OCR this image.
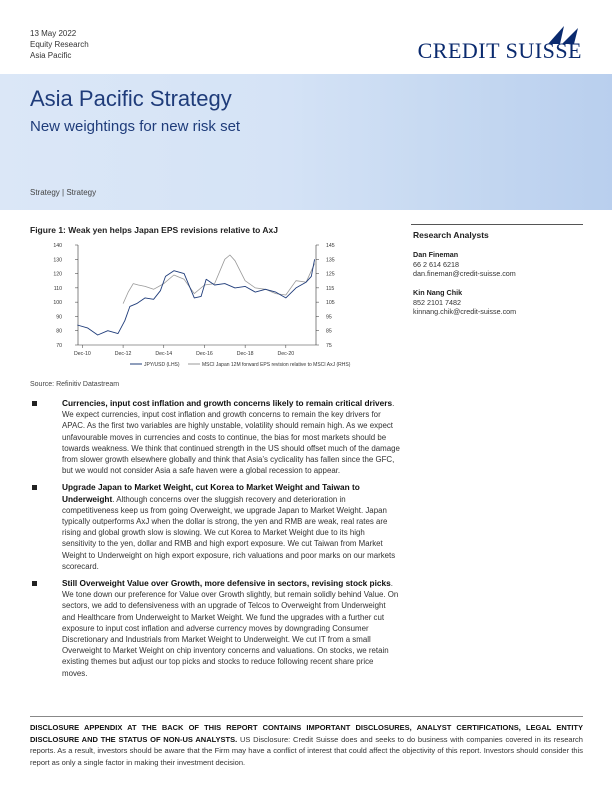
13 May 2022
Equity Research
Asia Pacific	CREDIT SUISSE
Asia Pacific Strategy
New weightings for new risk set
Strategy | Strategy
Figure 1: Weak yen helps Japan EPS revisions relative to AxJ
70
80
90
100
110
120
130
140
75
85
95
105
115
125
135
145
Dec-10	Dec-12	Dec-14	Dec-16	Dec-18	Dec-20
JPY/USD (LHS)	MSCI Japan 12M forward EPS revision relative to MSCI AxJ (RHS)
Source: Refinitiv Datastream
Research Analysts
Dan Fineman
66 2 614 6218
dan.fineman@credit-suisse.com
Kin Nang Chik
852 2101 7482
kinnang.chik@credit-suisse.com
Currencies, input cost inflation and growth concerns likely to remain critical drivers. We expect currencies, input cost inflation and growth concerns to remain the key drivers for APAC. As the first two variables are highly unstable, volatility should remain high. As we expect unfavourable moves in currencies and costs to continue, the bias for most markets should be towards weakness. We think that continued strength in the US should offset much of the damage from slower growth elsewhere globally and think that Asia’s cyclicality has fallen since the GFC, but we would not consider Asia a safe haven were a global recession to appear.
Upgrade Japan to Market Weight, cut Korea to Market Weight and Taiwan to Underweight. Although concerns over the sluggish recovery and deterioration in competitiveness keep us from going Overweight, we upgrade Japan to Market Weight. Japan typically outperforms AxJ when the dollar is strong, the yen and RMB are weak, real rates are rising and global growth slow is slowing. We cut Korea to Market Weight due to its high sensitivity to the yen, dollar and RMB and high export exposure. We cut Taiwan from Market Weight to Underweight on high export exposure, rich valuations and poor marks on our markets scorecard.
Still Overweight Value over Growth, more defensive in sectors, revising stock picks. We tone down our preference for Value over Growth slightly, but remain solidly behind Value. On sectors, we add to defensiveness with an upgrade of Telcos to Overweight from Underweight and Healthcare from Underweight to Market Weight. We fund the upgrades with a further cut exposure to input cost inflation and adverse currency moves by downgrading Consumer Discretionary and Industrials from Market Weight to Underweight. We cut IT from a small Overweight to Market Weight on chip inventory concerns and valuations. On stocks, we retain existing themes but adjust our top picks and stocks to reduce following recent share price moves.
DISCLOSURE APPENDIX AT THE BACK OF THIS REPORT CONTAINS IMPORTANT DISCLOSURES, ANALYST CERTIFICATIONS, LEGAL ENTITY DISCLOSURE AND THE STATUS OF NON-US ANALYSTS. US Disclosure: Credit Suisse does and seeks to do business with companies covered in its research reports. As a result, investors should be aware that the Firm may have a conflict of interest that could affect the objectivity of this report. Investors should consider this report as only a single factor in making their investment decision.
